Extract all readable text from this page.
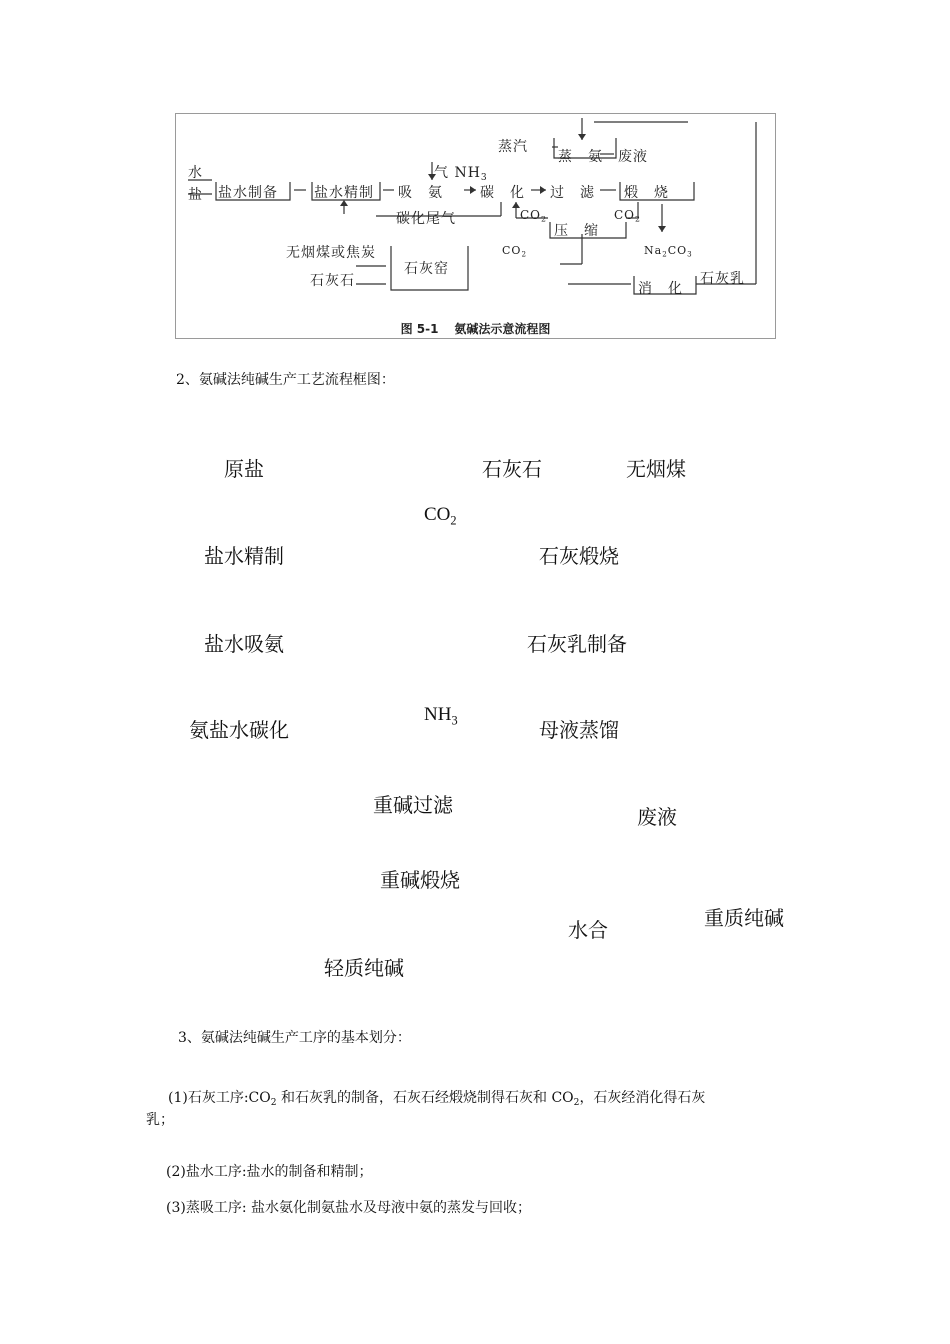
水
盐 盐水制备	盐水精制
气 $NH_3$
吸　氨	碳　化 过　滤 煅　烧
蒸汽
蒸　氨 废液
碳化尾气	$CO_2$	$CO_2$
压　缩
$CO_2$	$Na_2CO_3$
无烟煤或焦炭
石灰石
石灰窑
消　化
石灰乳
图 5-1 氨碱法示意流程图
2、氨碱法纯碱生产工艺流程框图：
原盐	石灰石	无烟煤
$CO_2$
盐水精制	石灰煅烧
盐水吸氨	石灰乳制备
氨盐水碳化
$NH_3$	母液蒸馏
重碱过滤	废液
重碱煅烧
水合	重质纯碱
轻质纯碱
3、氨碱法纯碱生产工序的基本划分：
(1)石灰工序$:CO_2$ 和石灰乳的制备，石灰石经煅烧制得石灰和 $CO_2$，石灰经消化得石灰
乳；
(2)盐水工序:盐水的制备和精制；
(3)蒸吸工序: 盐水氨化制氨盐水及母液中氨的蒸发与回收；
